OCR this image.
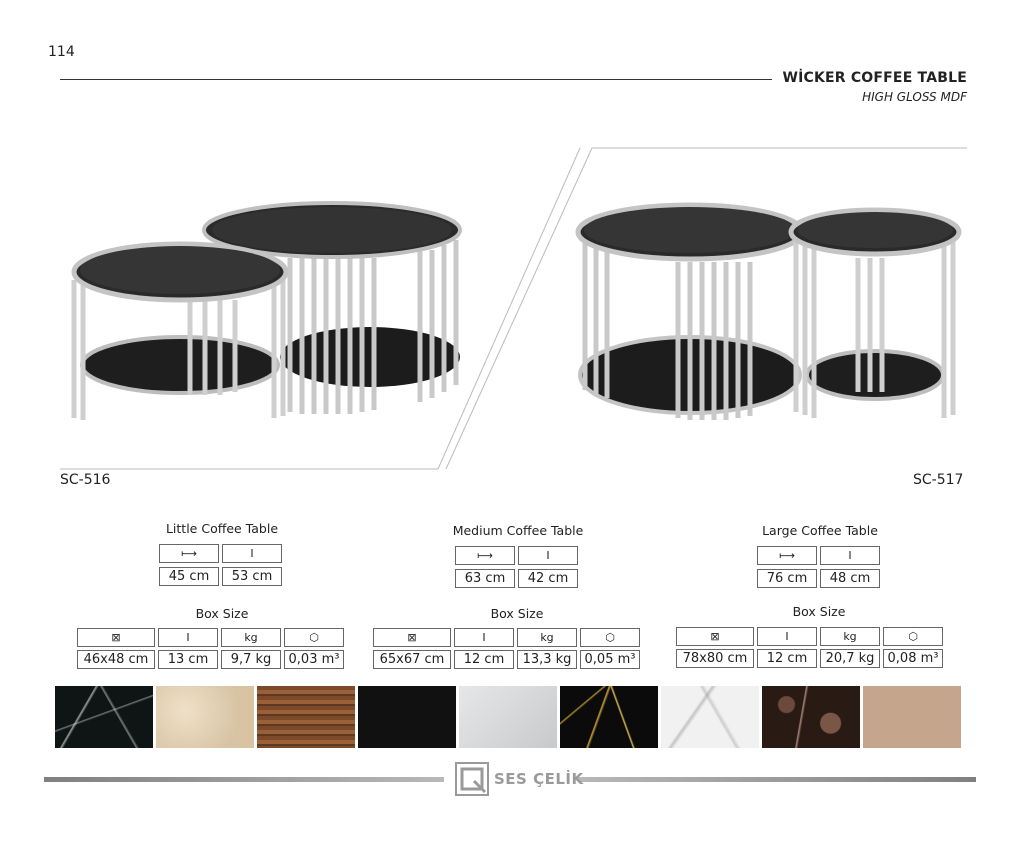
114
WİCKER COFFEE TABLE
HIGH GLOSS MDF
SC-516	SC-517
Little Coffee Table
⟼	I
45 cm	53 cm
Box Size
⊠	I	kg	⬡
46x48 cm	13 cm	9,7 kg	0,03 m³
Medium Coffee Table
⟼	I
63 cm	42 cm
Box Size
⊠	I	kg	⬡
65x67 cm	12 cm	13,3 kg	0,05 m³
Large Coffee Table
⟼	I
76 cm	48 cm
Box Size
⊠	I	kg	⬡
78x80 cm	12 cm	20,7 kg	0,08 m³
SES ÇELİK
